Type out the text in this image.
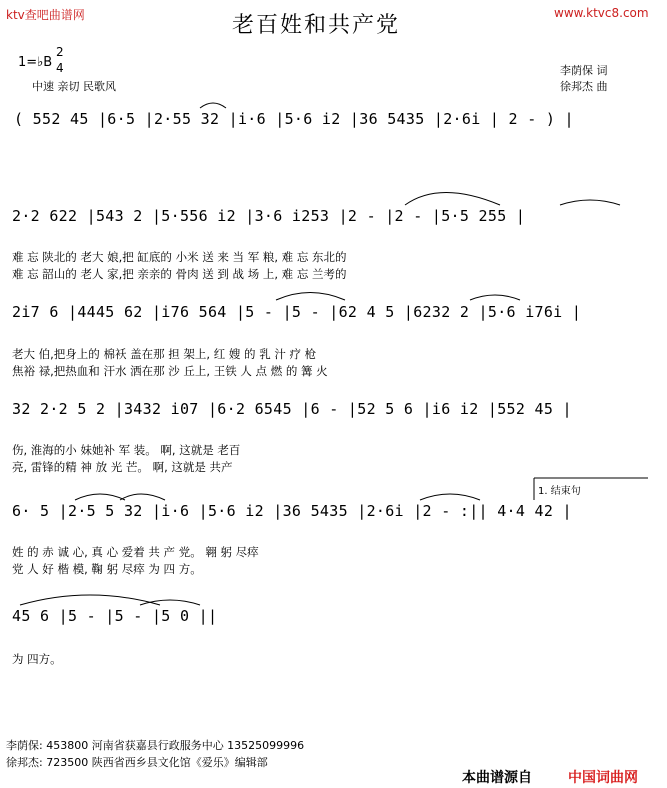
ktv查吧曲谱网	老百姓和共产党	www.ktvc8.com
1=♭B
2
4
中速 亲切 民歌风
李荫保 词
徐邦杰 曲
( 552 45 |6·5 |2·55 32 |i·6 |5·6 i2 |36 5435 |2·6i | 2 - ) |
2·2 622 |543 2 |5·556 i2 |3·6 i253 |2 - |2 - |5·5 255 |
难 忘 陕北的 老大 娘,把 缸底的 小米 送 来 当 军 粮, 难 忘 东北的
难 忘 韶山的 老人 家,把 亲亲的 骨肉 送 到 战 场 上, 难 忘 兰考的
2i7 6 |4445 62 |i76 564 |5 - |5 - |62 4 5 |6232 2 |5·6 i76i |
老大 伯,把身上的 棉袄 盖在那 担 架上, 红 嫂 的 乳 汁 疗 枪
焦裕 禄,把热血和 汗水 洒在那 沙 丘上, 王铁 人 点 燃 的 篝 火
32 2·2 5 2 |3432 i07 |6·2 6545 |6 - |52 5 6 |i6 i2 |552 45 |
伤, 淮海的小 妹她补 军 装。 啊, 这就是 老百
亮, 雷锋的精 神 放 光 芒。 啊, 这就是 共产
1. 结束句
6· 5 |2·5 5 32 |i·6 |5·6 i2 |36 5435 |2·6i |2 - :|| 4·4 42 |
姓 的 赤 诚 心, 真 心 爱着 共 产 党。 翱 躬 尽瘁
党 人 好 楷 模, 鞠 躬 尽瘁 为 四 方。
45 6 |5 - |5 - |5 0 ||
为 四方。
李荫保: 453800 河南省获嘉县行政服务中心 13525099996
徐邦杰: 723500 陕西省西乡县文化馆《爱乐》编辑部
本曲谱源自	中国词曲网
